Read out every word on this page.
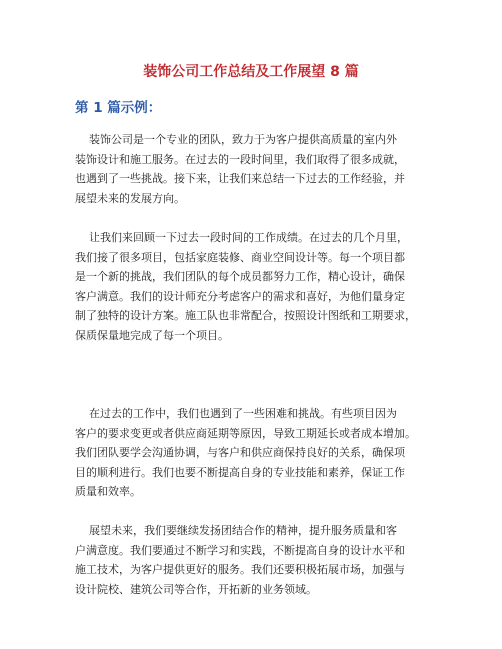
装饰公司工作总结及工作展望 8 篇
第 1 篇示例：
装饰公司是一个专业的团队，致力于为客户提供高质量的室内外
装饰设计和施工服务。在过去的一段时间里，我们取得了很多成就，
也遇到了一些挑战。接下来，让我们来总结一下过去的工作经验，并
展望未来的发展方向。
让我们来回顾一下过去一段时间的工作成绩。在过去的几个月里，
我们接了很多项目，包括家庭装修、商业空间设计等。每一个项目都
是一个新的挑战，我们团队的每个成员都努力工作，精心设计，确保
客户满意。我们的设计师充分考虑客户的需求和喜好，为他们量身定
制了独特的设计方案。施工队也非常配合，按照设计图纸和工期要求，
保质保量地完成了每一个项目。
在过去的工作中，我们也遇到了一些困难和挑战。有些项目因为
客户的要求变更或者供应商延期等原因，导致工期延长或者成本增加。
我们团队要学会沟通协调，与客户和供应商保持良好的关系，确保项
目的顺利进行。我们也要不断提高自身的专业技能和素养，保证工作
质量和效率。
展望未来，我们要继续发扬团结合作的精神，提升服务质量和客
户满意度。我们要通过不断学习和实践，不断提高自身的设计水平和
施工技术，为客户提供更好的服务。我们还要积极拓展市场，加强与
设计院校、建筑公司等合作，开拓新的业务领域。
